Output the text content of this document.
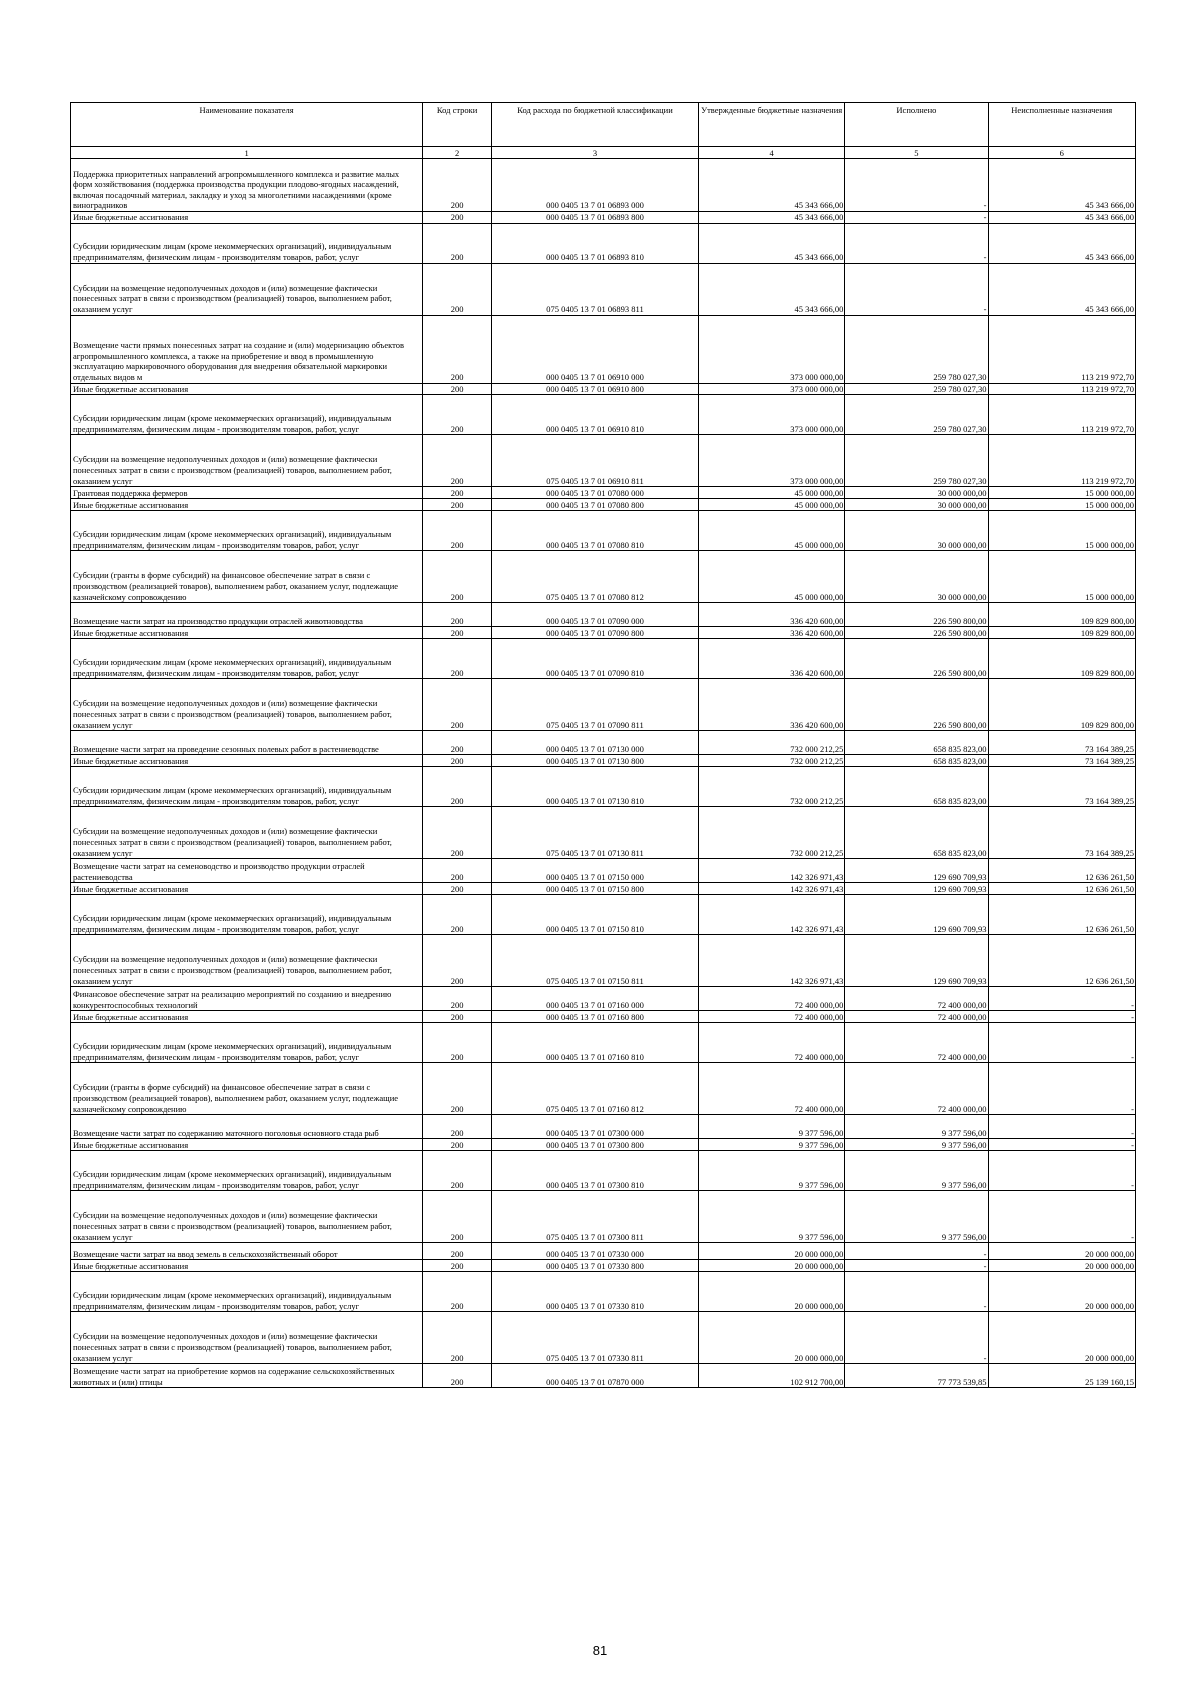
Наименование показателя	Код строки	Код расхода по бюджетной классификации	Утвержденные бюджетные назначения	Исполнено	Неисполненные назначения
1	2	3	4	5	6
Поддержка приоритетных направлений агропромышленного комплекса и развитие малых форм хозяйствования (поддержка производства продукции плодово-ягодных насаждений, включая посадочный материал, закладку и уход за многолетними насаждениями (кроме виноградников	200	000 0405 13 7 01 06893 000	45 343 666,00	-	45 343 666,00
Иные бюджетные ассигнования	200	000 0405 13 7 01 06893 800	45 343 666,00	-	45 343 666,00
Субсидии юридическим лицам (кроме некоммерческих организаций), индивидуальным предпринимателям, физическим лицам - производителям товаров, работ, услуг	200	000 0405 13 7 01 06893 810	45 343 666,00	-	45 343 666,00
Субсидии на возмещение недополученных доходов и (или) возмещение фактически понесенных затрат в связи с производством (реализацией) товаров, выполнением работ, оказанием услуг	200	075 0405 13 7 01 06893 811	45 343 666,00	-	45 343 666,00
Возмещение части прямых понесенных затрат на создание и (или) модернизацию объектов агропромышленного комплекса, а также на приобретение и ввод в промышленную эксплуатацию маркировочного оборудования для внедрения обязательной маркировки отдельных видов м	200	000 0405 13 7 01 06910 000	373 000 000,00	259 780 027,30	113 219 972,70
Иные бюджетные ассигнования	200	000 0405 13 7 01 06910 800	373 000 000,00	259 780 027,30	113 219 972,70
Субсидии юридическим лицам (кроме некоммерческих организаций), индивидуальным предпринимателям, физическим лицам - производителям товаров, работ, услуг	200	000 0405 13 7 01 06910 810	373 000 000,00	259 780 027,30	113 219 972,70
Субсидии на возмещение недополученных доходов и (или) возмещение фактически понесенных затрат в связи с производством (реализацией) товаров, выполнением работ, оказанием услуг	200	075 0405 13 7 01 06910 811	373 000 000,00	259 780 027,30	113 219 972,70
Грантовая поддержка фермеров	200	000 0405 13 7 01 07080 000	45 000 000,00	30 000 000,00	15 000 000,00
Иные бюджетные ассигнования	200	000 0405 13 7 01 07080 800	45 000 000,00	30 000 000,00	15 000 000,00
Субсидии юридическим лицам (кроме некоммерческих организаций), индивидуальным предпринимателям, физическим лицам - производителям товаров, работ, услуг	200	000 0405 13 7 01 07080 810	45 000 000,00	30 000 000,00	15 000 000,00
Субсидии (гранты в форме субсидий) на финансовое обеспечение затрат в связи с производством (реализацией товаров), выполнением работ, оказанием услуг, подлежащие казначейскому сопровождению	200	075 0405 13 7 01 07080 812	45 000 000,00	30 000 000,00	15 000 000,00
Возмещение части затрат на производство продукции отраслей животноводства	200	000 0405 13 7 01 07090 000	336 420 600,00	226 590 800,00	109 829 800,00
Иные бюджетные ассигнования	200	000 0405 13 7 01 07090 800	336 420 600,00	226 590 800,00	109 829 800,00
Субсидии юридическим лицам (кроме некоммерческих организаций), индивидуальным предпринимателям, физическим лицам - производителям товаров, работ, услуг	200	000 0405 13 7 01 07090 810	336 420 600,00	226 590 800,00	109 829 800,00
Субсидии на возмещение недополученных доходов и (или) возмещение фактически понесенных затрат в связи с производством (реализацией) товаров, выполнением работ, оказанием услуг	200	075 0405 13 7 01 07090 811	336 420 600,00	226 590 800,00	109 829 800,00
Возмещение части затрат на проведение сезонных полевых работ в растениеводстве	200	000 0405 13 7 01 07130 000	732 000 212,25	658 835 823,00	73 164 389,25
Иные бюджетные ассигнования	200	000 0405 13 7 01 07130 800	732 000 212,25	658 835 823,00	73 164 389,25
Субсидии юридическим лицам (кроме некоммерческих организаций), индивидуальным предпринимателям, физическим лицам - производителям товаров, работ, услуг	200	000 0405 13 7 01 07130 810	732 000 212,25	658 835 823,00	73 164 389,25
Субсидии на возмещение недополученных доходов и (или) возмещение фактически понесенных затрат в связи с производством (реализацией) товаров, выполнением работ, оказанием услуг	200	075 0405 13 7 01 07130 811	732 000 212,25	658 835 823,00	73 164 389,25
Возмещение части затрат на семеноводство и производство продукции отраслей растениеводства	200	000 0405 13 7 01 07150 000	142 326 971,43	129 690 709,93	12 636 261,50
Иные бюджетные ассигнования	200	000 0405 13 7 01 07150 800	142 326 971,43	129 690 709,93	12 636 261,50
Субсидии юридическим лицам (кроме некоммерческих организаций), индивидуальным предпринимателям, физическим лицам - производителям товаров, работ, услуг	200	000 0405 13 7 01 07150 810	142 326 971,43	129 690 709,93	12 636 261,50
Субсидии на возмещение недополученных доходов и (или) возмещение фактически понесенных затрат в связи с производством (реализацией) товаров, выполнением работ, оказанием услуг	200	075 0405 13 7 01 07150 811	142 326 971,43	129 690 709,93	12 636 261,50
Финансовое обеспечение затрат на реализацию мероприятий по созданию и внедрению конкурентоспособных технологий	200	000 0405 13 7 01 07160 000	72 400 000,00	72 400 000,00	-
Иные бюджетные ассигнования	200	000 0405 13 7 01 07160 800	72 400 000,00	72 400 000,00	-
Субсидии юридическим лицам (кроме некоммерческих организаций), индивидуальным предпринимателям, физическим лицам - производителям товаров, работ, услуг	200	000 0405 13 7 01 07160 810	72 400 000,00	72 400 000,00	-
Субсидии (гранты в форме субсидий) на финансовое обеспечение затрат в связи с производством (реализацией товаров), выполнением работ, оказанием услуг, подлежащие казначейскому сопровождению	200	075 0405 13 7 01 07160 812	72 400 000,00	72 400 000,00	-
Возмещение части затрат по содержанию маточного поголовья основного стада рыб	200	000 0405 13 7 01 07300 000	9 377 596,00	9 377 596,00	-
Иные бюджетные ассигнования	200	000 0405 13 7 01 07300 800	9 377 596,00	9 377 596,00	-
Субсидии юридическим лицам (кроме некоммерческих организаций), индивидуальным предпринимателям, физическим лицам - производителям товаров, работ, услуг	200	000 0405 13 7 01 07300 810	9 377 596,00	9 377 596,00	-
Субсидии на возмещение недополученных доходов и (или) возмещение фактически понесенных затрат в связи с производством (реализацией) товаров, выполнением работ, оказанием услуг	200	075 0405 13 7 01 07300 811	9 377 596,00	9 377 596,00	-
Возмещение части затрат на ввод земель в сельскохозяйственный оборот	200	000 0405 13 7 01 07330 000	20 000 000,00	-	20 000 000,00
Иные бюджетные ассигнования	200	000 0405 13 7 01 07330 800	20 000 000,00	-	20 000 000,00
Субсидии юридическим лицам (кроме некоммерческих организаций), индивидуальным предпринимателям, физическим лицам - производителям товаров, работ, услуг	200	000 0405 13 7 01 07330 810	20 000 000,00	-	20 000 000,00
Субсидии на возмещение недополученных доходов и (или) возмещение фактически понесенных затрат в связи с производством (реализацией) товаров, выполнением работ, оказанием услуг	200	075 0405 13 7 01 07330 811	20 000 000,00	-	20 000 000,00
Возмещение части затрат на приобретение кормов на содержание сельскохозяйственных животных и (или) птицы	200	000 0405 13 7 01 07870 000	102 912 700,00	77 773 539,85	25 139 160,15
81
